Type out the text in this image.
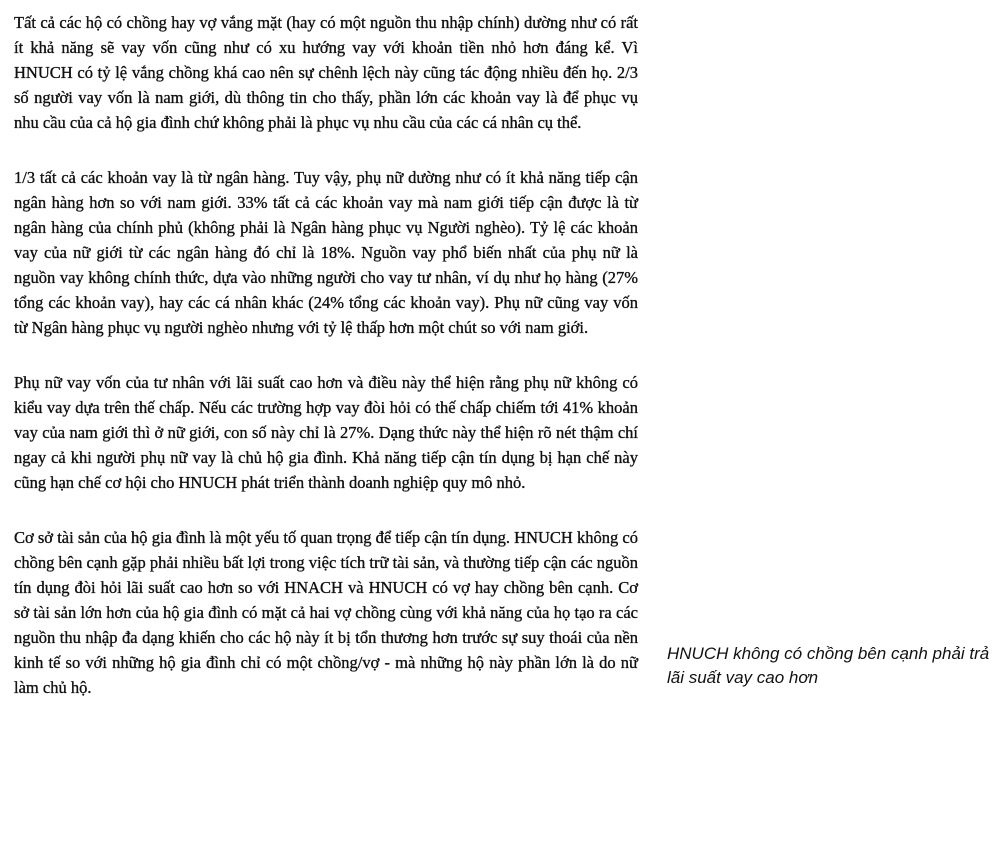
Tất cả các hộ có chồng hay vợ vắng mặt (hay có một nguồn thu nhập chính) dường như có rất ít khả năng sẽ vay vốn cũng như có xu hướng vay với khoản tiền nhỏ hơn đáng kể. Vì HNUCH có tỷ lệ vắng chồng khá cao nên sự chênh lệch này cũng tác động nhiều đến họ. 2/3 số người vay vốn là nam giới, dù thông tin cho thấy, phần lớn các khoản vay là để phục vụ nhu cầu của cả hộ gia đình chứ không phải là phục vụ nhu cầu của các cá nhân cụ thể.

1/3 tất cả các khoản vay là từ ngân hàng. Tuy vậy, phụ nữ dường như có ít khả năng tiếp cận ngân hàng hơn so với nam giới. 33% tất cả các khoản vay mà nam giới tiếp cận được là từ ngân hàng của chính phủ (không phải là Ngân hàng phục vụ Người nghèo). Tỷ lệ các khoản vay của nữ giới từ các ngân hàng đó chỉ là 18%. Nguồn vay phổ biến nhất của phụ nữ là nguồn vay không chính thức, dựa vào những người cho vay tư nhân, ví dụ như họ hàng (27% tổng các khoản vay), hay các cá nhân khác (24% tổng các khoản vay). Phụ nữ cũng vay vốn từ Ngân hàng phục vụ người nghèo nhưng với tỷ lệ thấp hơn một chút so với nam giới.

Phụ nữ vay vốn của tư nhân với lãi suất cao hơn và điều này thể hiện rằng phụ nữ không có kiểu vay dựa trên thế chấp. Nếu các trường hợp vay đòi hỏi có thế chấp chiếm tới 41% khoản vay của nam giới thì ở nữ giới, con số này chỉ là 27%. Dạng thức này thể hiện rõ nét thậm chí ngay cả khi người phụ nữ vay là chủ hộ gia đình. Khả năng tiếp cận tín dụng bị hạn chế này cũng hạn chế cơ hội cho HNUCH phát triển thành doanh nghiệp quy mô nhỏ.

Cơ sở tài sản của hộ gia đình là một yếu tố quan trọng để tiếp cận tín dụng. HNUCH không có chồng bên cạnh gặp phải nhiều bất lợi trong việc tích trữ tài sản, và thường tiếp cận các nguồn tín dụng đòi hỏi lãi suất cao hơn so với HNACH và HNUCH có vợ hay chồng bên cạnh. Cơ sở tài sản lớn hơn của hộ gia đình có mặt cả hai vợ chồng cùng với khả năng của họ tạo ra các nguồn thu nhập đa dạng khiến cho các hộ này ít bị tổn thương hơn trước sự suy thoái của nền kinh tế so với những hộ gia đình chỉ có một chồng/vợ - mà những hộ này phần lớn là do nữ làm chủ hộ.

HNUCH không có chồng bên cạnh phải trả lãi suất vay cao hơn
